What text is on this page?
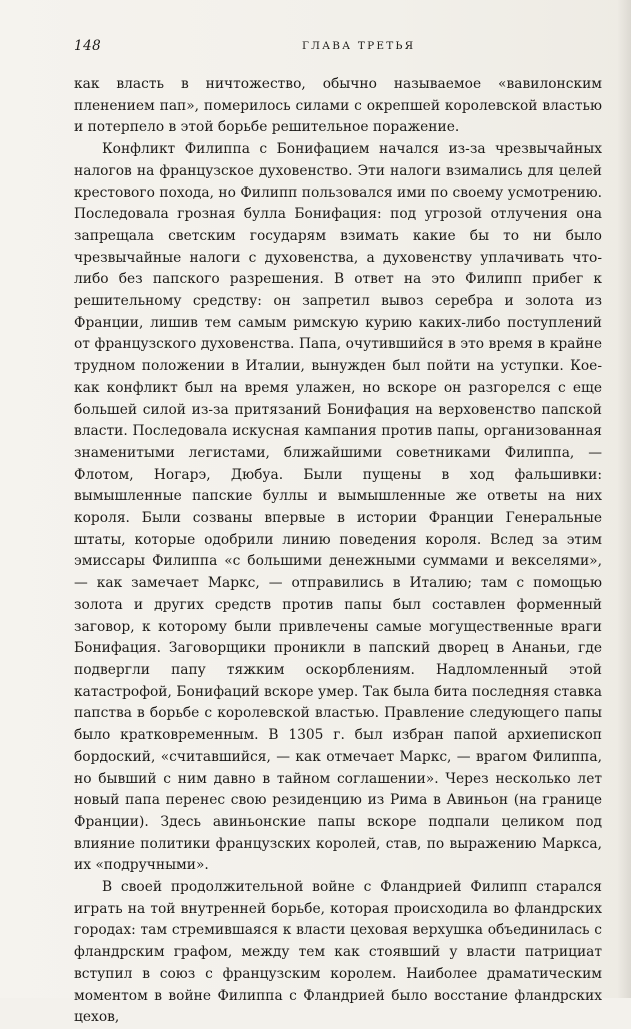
148	ГЛАВА ТРЕТЬЯ

как власть в ничтожество, обычно называемое «вавилонским пленением пап», померилось силами с окрепшей королевской властью и потерпело в этой борьбе решительное поражение.

Конфликт Филиппа с Бонифацием начался из-за чрезвычайных налогов на французское духовенство. Эти налоги взимались для целей крестового похода, но Филипп пользовался ими по своему усмотрению. Последовала грозная булла Бонифация: под угрозой отлучения она запрещала светским государям взимать какие бы то ни было чрезвычайные налоги с духовенства, а духовенству уплачивать что-либо без папского разрешения. В ответ на это Филипп прибег к решительному средству: он запретил вывоз серебра и золота из Франции, лишив тем самым римскую курию каких-либо поступлений от французского духовенства. Папа, очутившийся в это время в крайне трудном положении в Италии, вынужден был пойти на уступки. Кое-как конфликт был на время улажен, но вскоре он разгорелся с еще большей силой из-за притязаний Бонифация на верховенство папской власти. Последовала искусная кампания против папы, организованная знаменитыми легистами, ближайшими советниками Филиппа, — Флотом, Ногарэ, Дюбуа. Были пущены в ход фальшивки: вымышленные папские буллы и вымышленные же ответы на них короля. Были созваны впервые в истории Франции Генеральные штаты, которые одобрили линию поведения короля. Вслед за этим эмиссары Филиппа «с большими денежными суммами и векселями», — как замечает Маркс, — отправились в Италию; там с помощью золота и других средств против папы был составлен форменный заговор, к которому были привлечены самые могущественные враги Бонифация. Заговорщики проникли в папский дворец в Ананьи, где подвергли папу тяжким оскорблениям. Надломленный этой катастрофой, Бонифаций вскоре умер. Так была бита последняя ставка папства в борьбе с королевской властью. Правление следующего папы было кратковременным. В 1305 г. был избран папой архиепископ бордоский, «считавшийся, — как отмечает Маркс, — врагом Филиппа, но бывший с ним давно в тайном соглашении». Через несколько лет новый папа перенес свою резиденцию из Рима в Авиньон (на границе Франции). Здесь авиньонские папы вскоре подпали целиком под влияние политики французских королей, став, по выражению Маркса, их «подручными».

В своей продолжительной войне с Фландрией Филипп старался играть на той внутренней борьбе, которая происходила во фландрских городах: там стремившаяся к власти цеховая верхушка объединилась с фландрским графом, между тем как стоявший у власти патрициат вступил в союз с французским королем. Наиболее драматическим моментом в войне Филиппа с Фландрией было восстание фландрских цехов,
